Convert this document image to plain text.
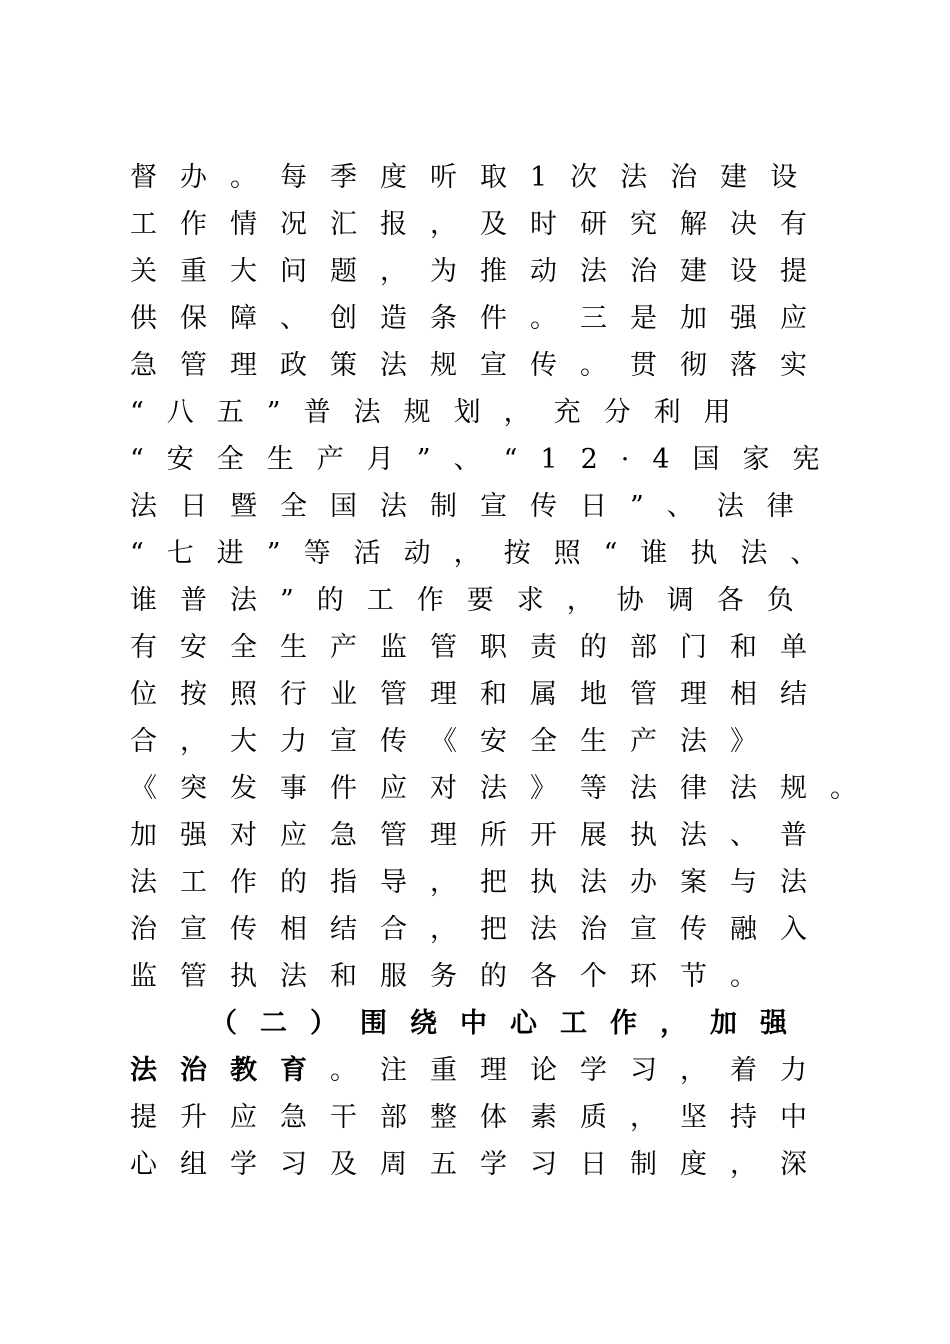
督办。每季度听取1次法治建设
工作情况汇报，及时研究解决有
关重大问题，为推动法治建设提
供保障、创造条件。三是加强应
急管理政策法规宣传。贯彻落实
“八五”普法规划，充分利用
“安全生产月”、“12·4国家宪
法日暨全国法制宣传日”、法律
“七进”等活动，按照“谁执法、
谁普法”的工作要求，协调各负
有安全生产监管职责的部门和单
位按照行业管理和属地管理相结
合，大力宣传《安全生产法》
《突发事件应对法》等法律法规。
加强对应急管理所开展执法、普
法工作的指导，把执法办案与法
治宣传相结合，把法治宣传融入
监管执法和服务的各个环节。
（二）围绕中心工作，加强
法治教育。注重理论学习，着力
提升应急干部整体素质，坚持中
心组学习及周五学习日制度，深
